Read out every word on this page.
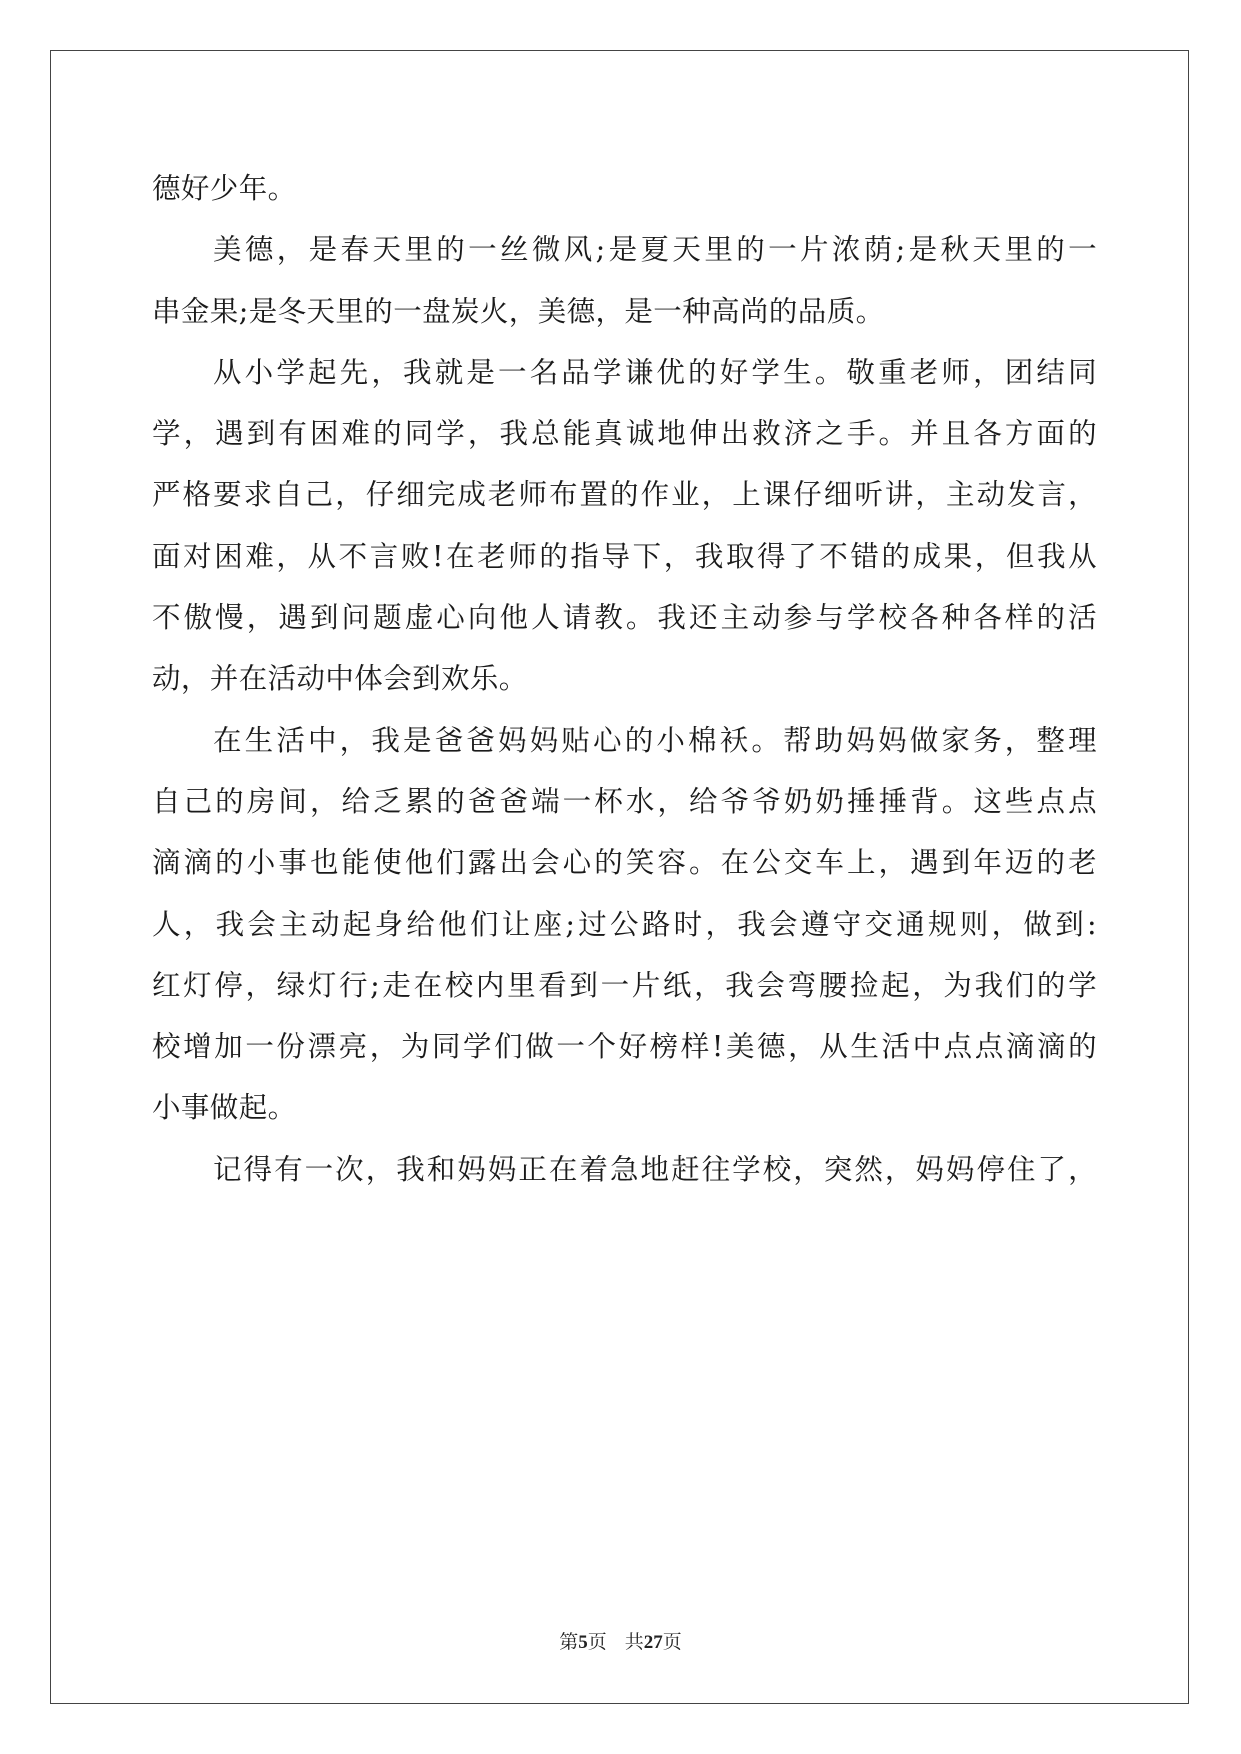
德好少年。
美德，是春天里的一丝微风;是夏天里的一片浓荫;是秋天里的一
串金果;是冬天里的一盘炭火，美德，是一种高尚的品质。
从小学起先，我就是一名品学谦优的好学生。敬重老师，团结同
学，遇到有困难的同学，我总能真诚地伸出救济之手。并且各方面的
严格要求自己，仔细完成老师布置的作业，上课仔细听讲，主动发言，
面对困难，从不言败!在老师的指导下，我取得了不错的成果，但我从
不傲慢，遇到问题虚心向他人请教。我还主动参与学校各种各样的活
动，并在活动中体会到欢乐。
在生活中，我是爸爸妈妈贴心的小棉袄。帮助妈妈做家务，整理
自己的房间，给乏累的爸爸端一杯水，给爷爷奶奶捶捶背。这些点点
滴滴的小事也能使他们露出会心的笑容。在公交车上，遇到年迈的老
人，我会主动起身给他们让座;过公路时，我会遵守交通规则，做到:
红灯停，绿灯行;走在校内里看到一片纸，我会弯腰捡起，为我们的学
校增加一份漂亮，为同学们做一个好榜样!美德，从生活中点点滴滴的
小事做起。
记得有一次，我和妈妈正在着急地赶往学校，突然，妈妈停住了，
第5页 共27页
